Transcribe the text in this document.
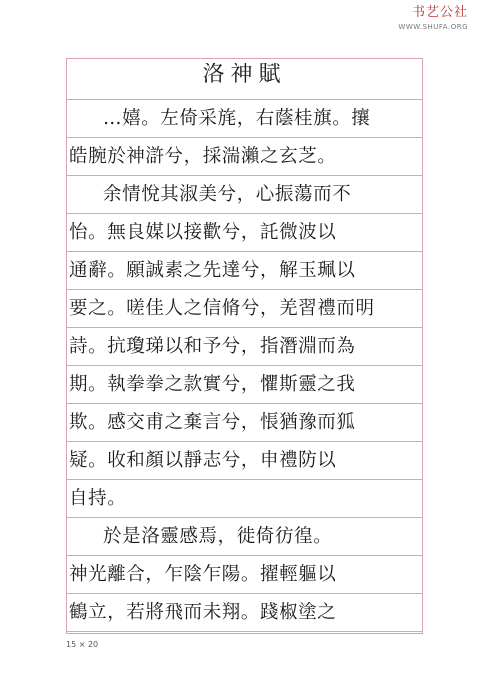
书艺公社
WWW.SHUFA.ORG
洛神賦
…嬉。左倚采旄，右蔭桂旗。攘
皓腕於神滸兮，採湍瀨之玄芝。
余情悅其淑美兮，心振蕩而不
怡。無良媒以接歡兮，託微波以
通辭。願誠素之先達兮，解玉珮以
要之。嗟佳人之信脩兮，羌習禮而明
詩。抗瓊珶以和予兮，指潛淵而為
期。執拳拳之款實兮，懼斯靈之我
欺。感交甫之棄言兮，悵猶豫而狐
疑。收和顏以靜志兮，申禮防以
自持。
於是洛靈感焉，徙倚彷徨。
神光離合，乍陰乍陽。擢輕軀以
鶴立，若將飛而未翔。踐椒塗之
15 × 20
